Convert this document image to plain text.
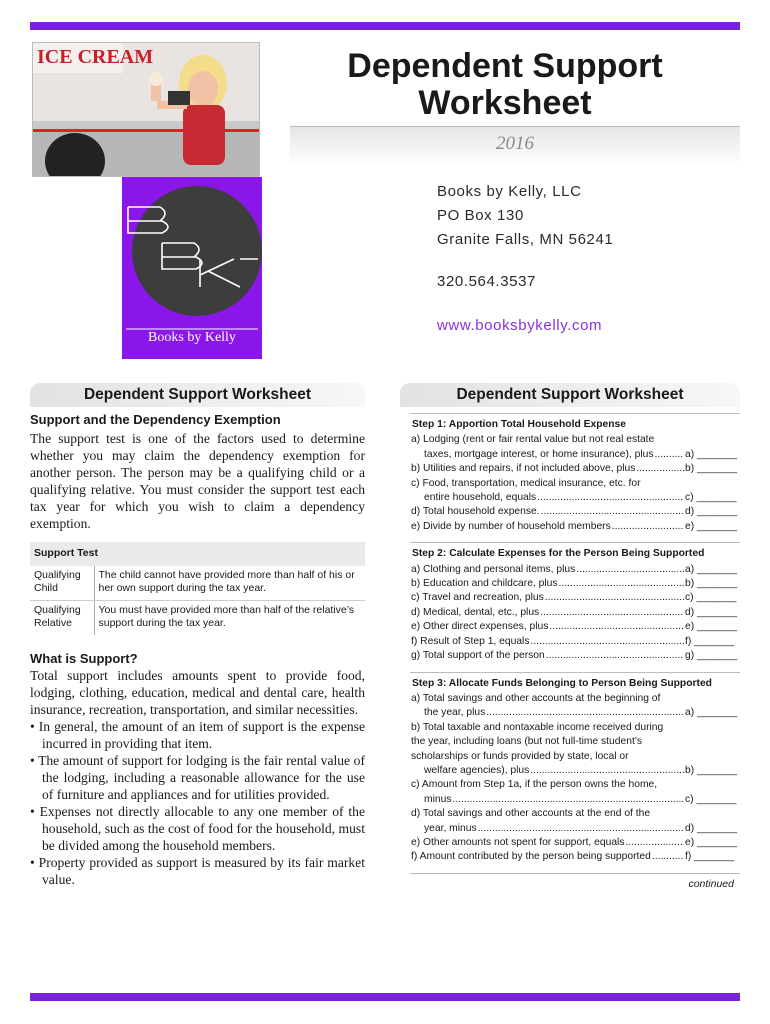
ICE CREAM
Books by Kelly
Dependent Support
Worksheet
2016
Books by Kelly, LLC
PO Box 130
Granite Falls, MN 56241
320.564.3537
www.booksbykelly.com
Dependent Support Worksheet
Support and the Dependency Exemption

The support test is one of the factors used to determine whether you may claim the dependency exemption for another person. The person may be a qualifying child or a qualifying relative. You must consider the support test each tax year for which you wish to claim a dependency exemption.

Support Test	
Qualifying Child	The child cannot have provided more than half of his or her own support during the tax year.
Qualifying Relative	You must have provided more than half of the relative’s support during the tax year.
What is Support?

Total support includes amounts spent to provide food, lodging, clothing, education, medical and dental care, health insurance, recreation, transportation, and similar necessities.

• In general, the amount of an item of support is the expense incurred in providing that item.
• The amount of support for lodging is the fair rental value of the lodging, including a reasonable allowance for the use of furniture and appliances and for utilities provided.
• Expenses not directly allocable to any one member of the household, such as the cost of food for the household, must be divided among the household members.
• Property provided as support is measured by its fair market value.
Dependent Support Worksheet
Step 1: Apportion Total Household Expense
a) Lodging (rent or fair rental value but not real estate
taxes, mortgage interest, or home insurance), plus .....	a) _______
b) Utilities and repairs, if not included above, plus .....	b) _______
c) Food, transportation, medical insurance, etc. for
entire household, equals .....	c) _______
d) Total household expense. .....	d) _______
e) Divide by number of household members .....	e) _______
Step 2: Calculate Expenses for the Person Being Supported
a) Clothing and personal items, plus .....	a) _______
b) Education and childcare, plus .....	b) _______
c) Travel and recreation, plus .....	c) _______
d) Medical, dental, etc., plus .....	d) _______
e) Other direct expenses, plus .....	e) _______
f) Result of Step 1, equals .....	f) _______
g) Total support of the person .....	g) _______
Step 3: Allocate Funds Belonging to Person Being Supported
a) Total savings and other accounts at the beginning of
the year, plus .....	a) _______
b) Total taxable and nontaxable income received during
the year, including loans (but not full-time student’s
scholarships or funds provided by state, local or
welfare agencies), plus .....	b) _______
c) Amount from Step 1a, if the person owns the home,
minus .....	c) _______
d) Total savings and other accounts at the end of the
year, minus .....	d) _______
e) Other amounts not spent for support, equals .....	e) _______
f) Amount contributed by the person being supported .....	f) _______
continued
